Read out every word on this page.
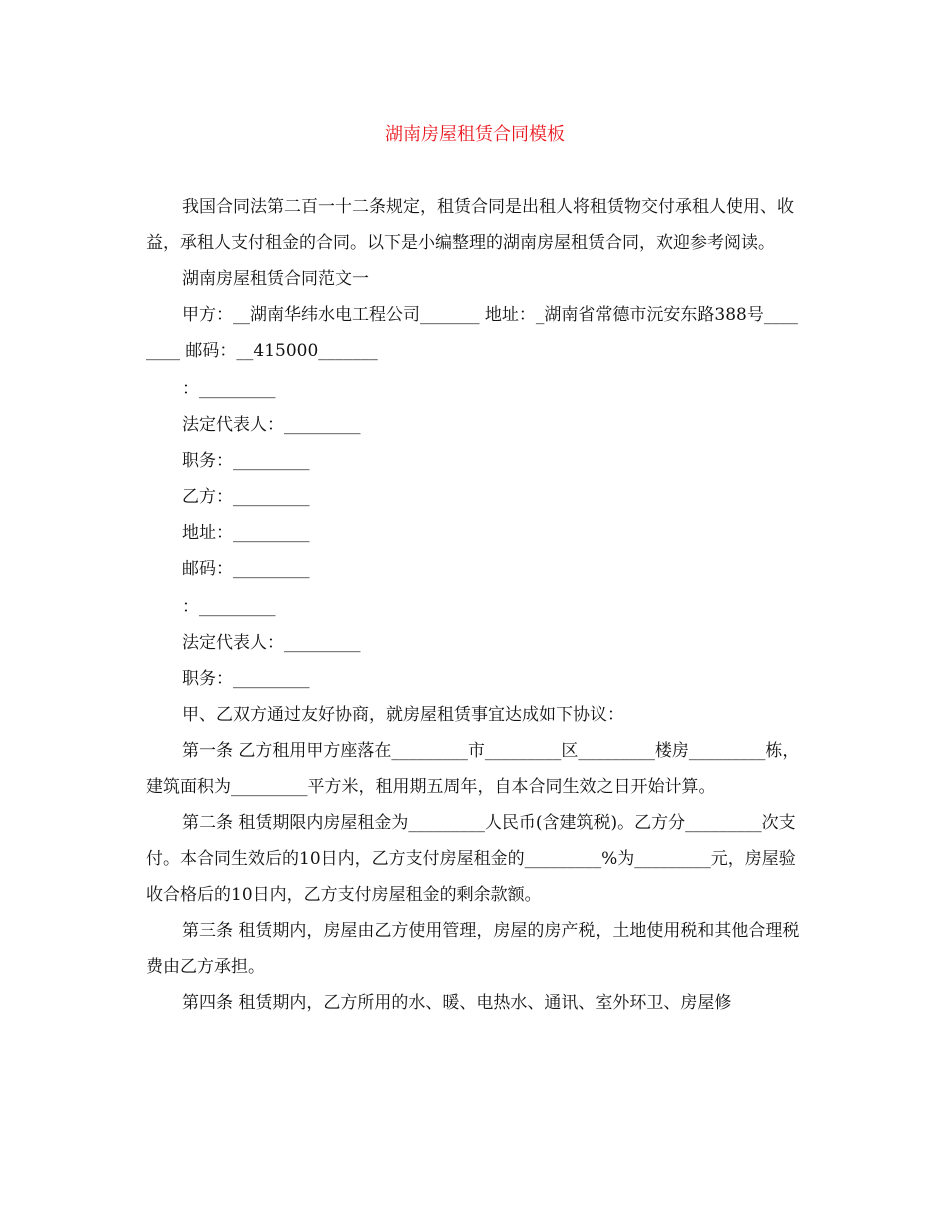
湖南房屋租赁合同模板

我国合同法第二百一十二条规定，租赁合同是出租人将租赁物交付承租人使用、收益，承租人支付租金的合同。以下是小编整理的湖南房屋租赁合同，欢迎参考阅读。

湖南房屋租赁合同范文一

甲方：__湖南华纬水电工程公司_______ 地址：_湖南省常德市沅安东路388号________ 邮码：__415000_______

：_________

法定代表人：_________

职务：_________

乙方：_________

地址：_________

邮码：_________

：_________

法定代表人：_________

职务：_________

甲、乙双方通过友好协商，就房屋租赁事宜达成如下协议：

第一条 乙方租用甲方座落在_________市_________区_________楼房_________栋，建筑面积为_________平方米，租用期五周年，自本合同生效之日开始计算。

第二条 租赁期限内房屋租金为_________人民币(含建筑税)。乙方分_________次支付。本合同生效后的10日内，乙方支付房屋租金的_________%为_________元，房屋验收合格后的10日内，乙方支付房屋租金的剩余款额。

第三条 租赁期内，房屋由乙方使用管理，房屋的房产税，土地使用税和其他合理税费由乙方承担。

第四条 租赁期内，乙方所用的水、暖、电热水、通讯、室外环卫、房屋修
